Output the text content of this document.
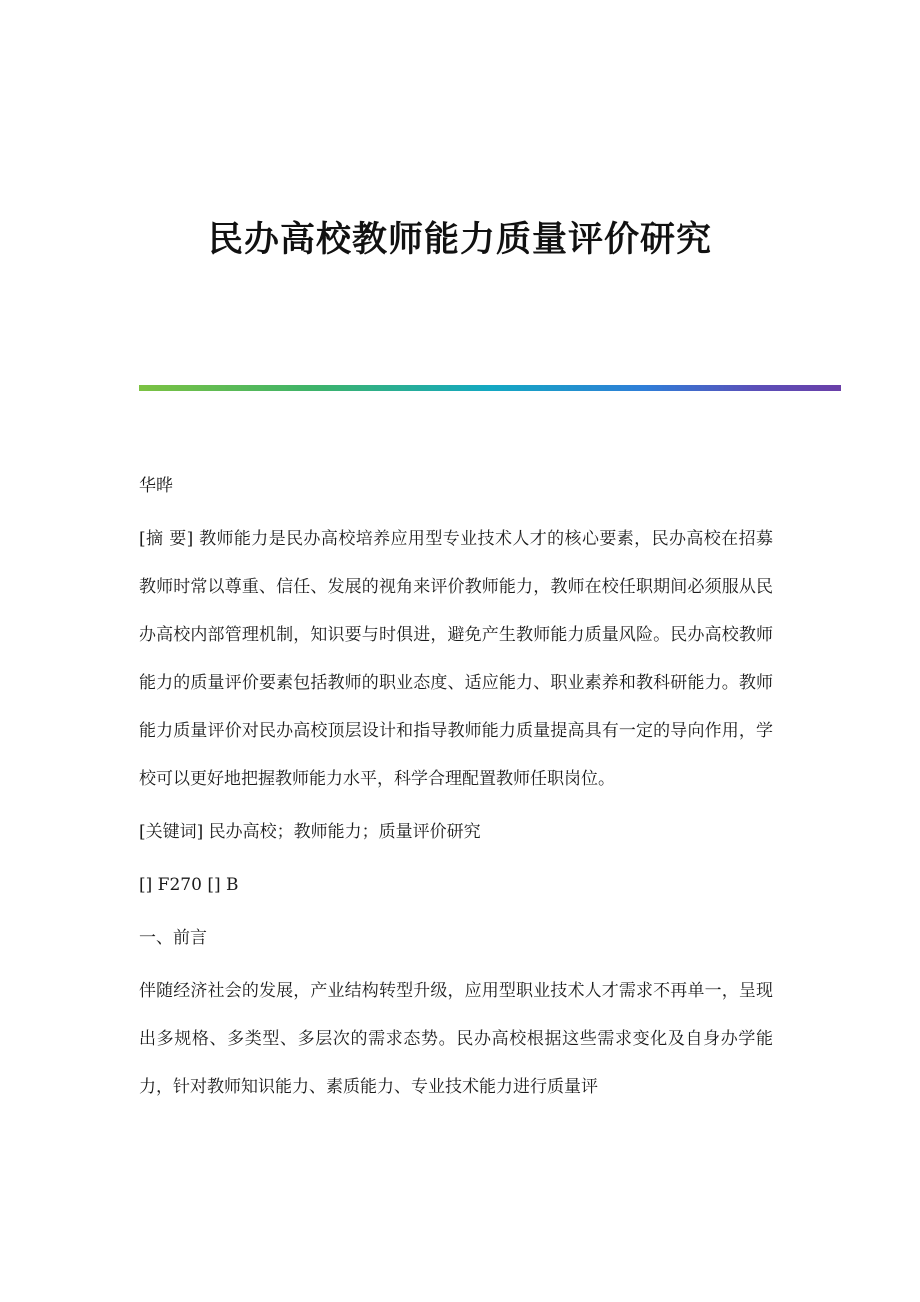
民办高校教师能力质量评价研究

华晔

[摘 要] 教师能力是民办高校培养应用型专业技术人才的核心要素，民办高校在招募教师时常以尊重、信任、发展的视角来评价教师能力，教师在校任职期间必须服从民办高校内部管理机制，知识要与时俱进，避免产生教师能力质量风险。民办高校教师能力的质量评价要素包括教师的职业态度、适应能力、职业素养和教科研能力。教师能力质量评价对民办高校顶层设计和指导教师能力质量提高具有一定的导向作用，学校可以更好地把握教师能力水平，科学合理配置教师任职岗位。

[关键词] 民办高校；教师能力；质量评价研究

[] F270 [] B

一、前言

伴随经济社会的发展，产业结构转型升级，应用型职业技术人才需求不再单一，呈现出多规格、多类型、多层次的需求态势。民办高校根据这些需求变化及自身办学能力，针对教师知识能力、素质能力、专业技术能力进行质量评
